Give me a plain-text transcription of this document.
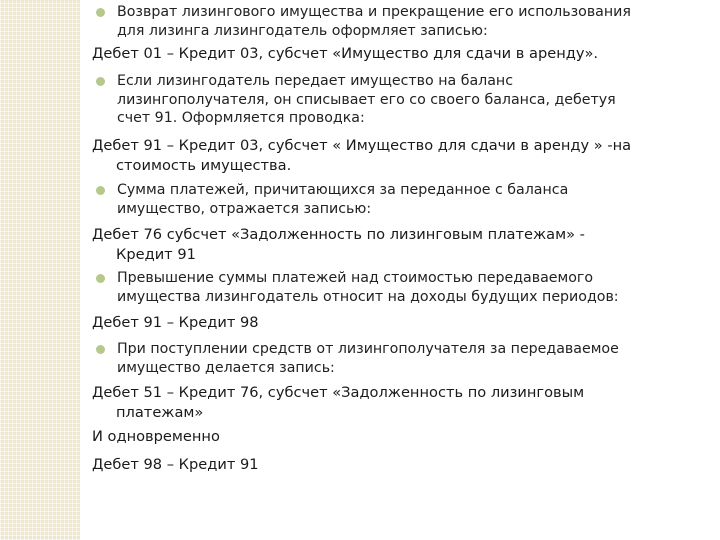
Возврат лизингового имущества и прекращение его использования
для лизинга лизингодатель оформляет записью:
Дебет 01 – Кредит 03, субсчет «Имущество для сдачи в аренду».
Если лизингодатель передает имущество на баланс
лизингополучателя, он списывает его со своего баланса, дебетуя
счет 91. Оформляется проводка:
Дебет 91 – Кредит 03, субсчет « Имущество для сдачи в аренду » -на
стоимость имущества.
Сумма платежей, причитающихся за переданное с баланса
имущество, отражается записью:
Дебет 76 субсчет «Задолженность по лизинговым платежам» -
Кредит 91
Превышение суммы платежей над стоимостью передаваемого
имущества лизингодатель относит на доходы будущих периодов:
Дебет 91 – Кредит 98
При поступлении средств от лизингополучателя за передаваемое
имущество делается запись:
Дебет 51 – Кредит 76, субсчет «Задолженность по лизинговым
платежам»
И одновременно
Дебет 98 – Кредит 91
